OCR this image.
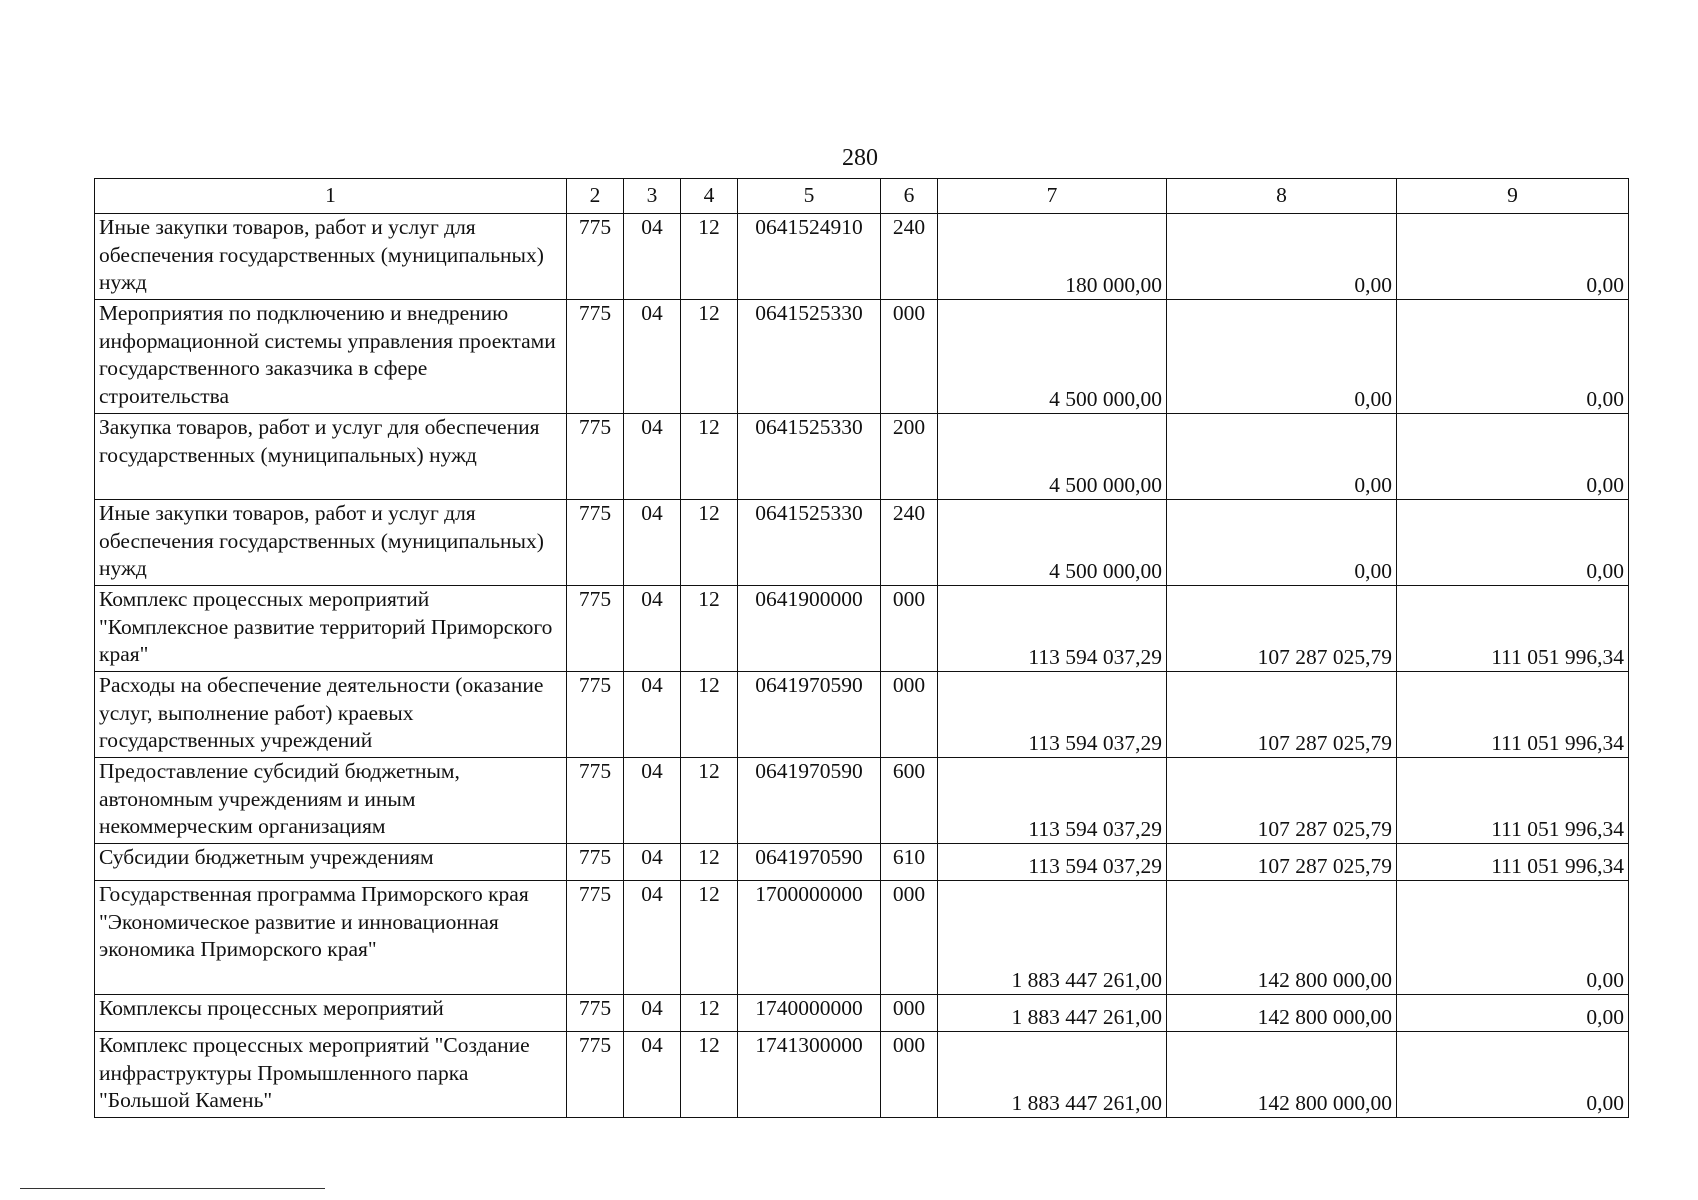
280
1	2	3	4	5	6	7	8	9
Иные закупки товаров, работ и услуг для обеспечения государственных (муниципальных) нужд	775	04	12	0641524910	240	180 000,00	0,00	0,00
Мероприятия по подключению и внедрению информационной системы управления проектами государственного заказчика в сфере строительства	775	04	12	0641525330	000	4 500 000,00	0,00	0,00
Закупка товаров, работ и услуг для обеспечения государственных (муниципальных) нужд	775	04	12	0641525330	200	4 500 000,00	0,00	0,00
Иные закупки товаров, работ и услуг для обеспечения государственных (муниципальных) нужд	775	04	12	0641525330	240	4 500 000,00	0,00	0,00
Комплекс процессных мероприятий "Комплексное развитие территорий Приморского края"	775	04	12	0641900000	000	113 594 037,29	107 287 025,79	111 051 996,34
Расходы на обеспечение деятельности (оказание услуг, выполнение работ) краевых государственных учреждений	775	04	12	0641970590	000	113 594 037,29	107 287 025,79	111 051 996,34
Предоставление субсидий бюджетным, автономным учреждениям и иным некоммерческим организациям	775	04	12	0641970590	600	113 594 037,29	107 287 025,79	111 051 996,34
Субсидии бюджетным учреждениям	775	04	12	0641970590	610	113 594 037,29	107 287 025,79	111 051 996,34
Государственная программа Приморского края "Экономическое развитие и инновационная экономика Приморского края"	775	04	12	1700000000	000	1 883 447 261,00	142 800 000,00	0,00
Комплексы процессных мероприятий	775	04	12	1740000000	000	1 883 447 261,00	142 800 000,00	0,00
Комплекс процессных мероприятий "Создание инфраструктуры Промышленного парка "Большой Камень"	775	04	12	1741300000	000	1 883 447 261,00	142 800 000,00	0,00
